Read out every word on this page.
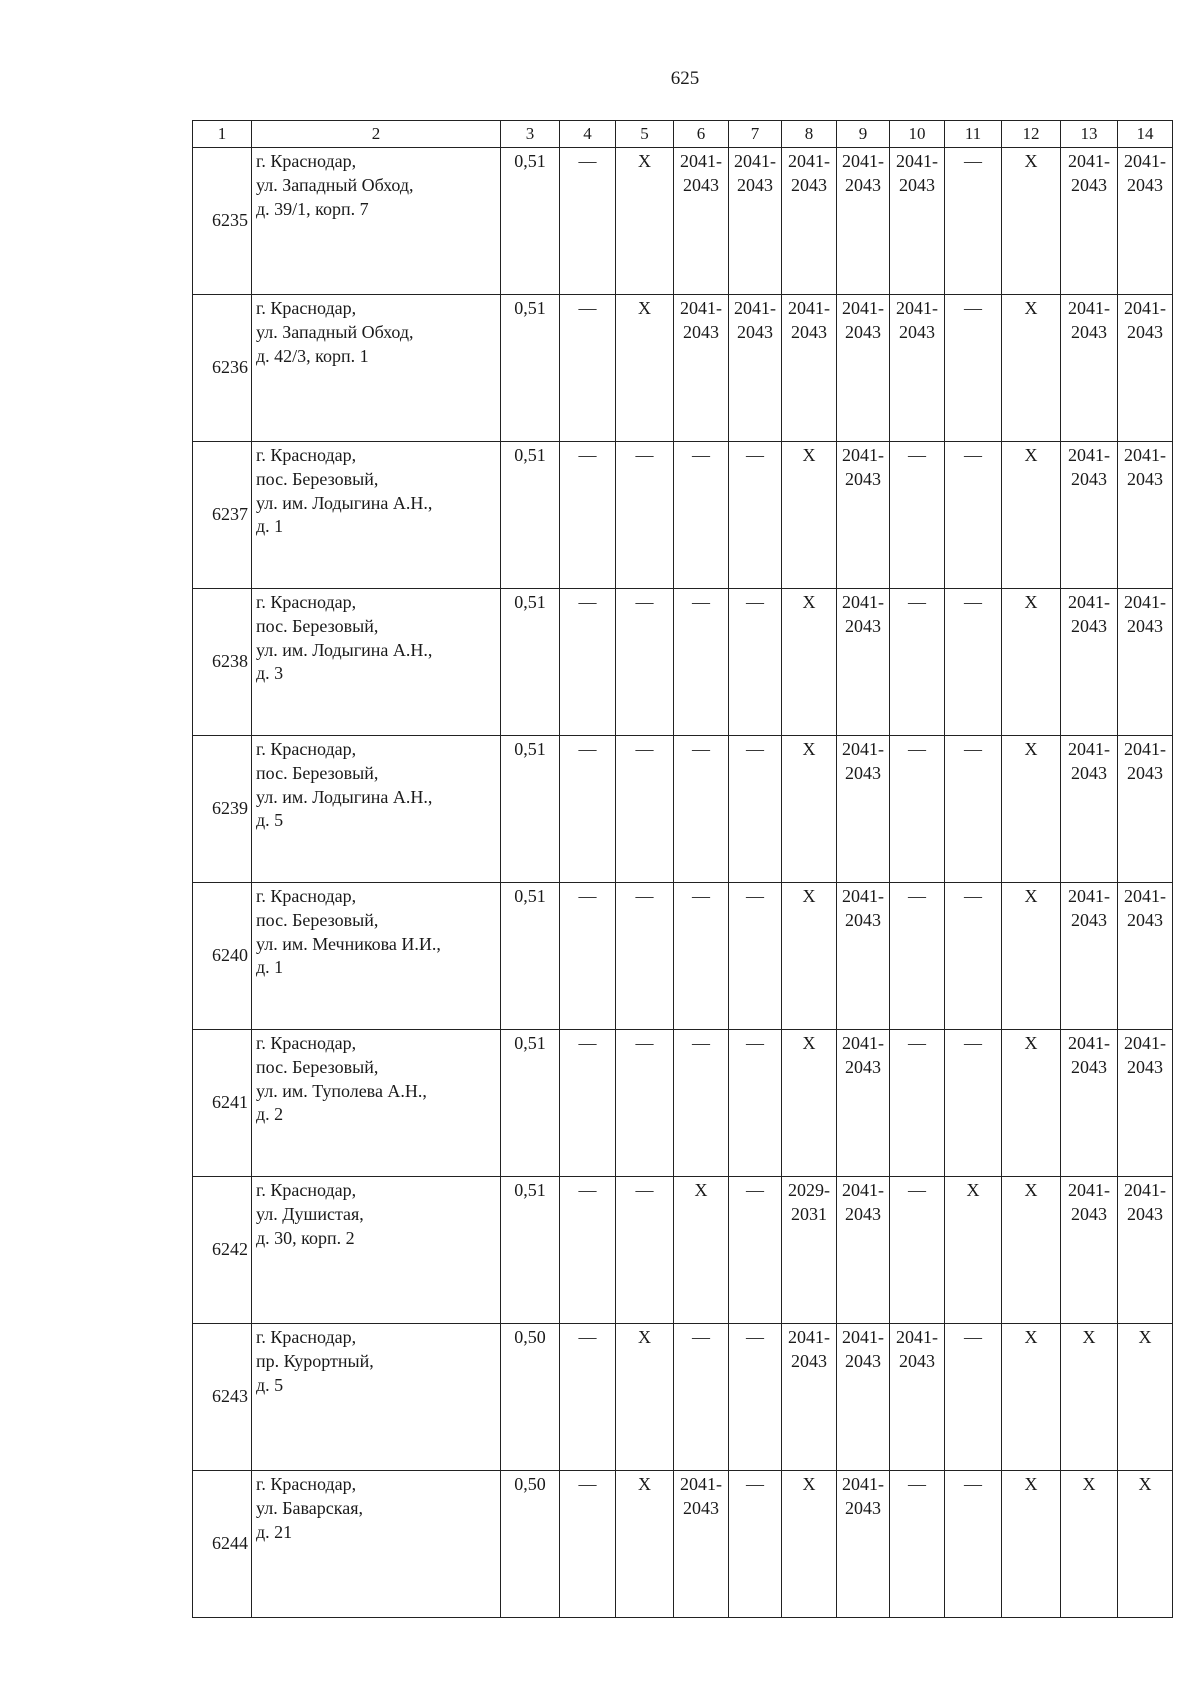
625
1	2	3	4	5	6	7	8	9	10	11	12	13	14
6235	г. Краснодар,
ул. Западный Обход,
д. 39/1, корп. 7	0,51	—	X	2041-
2043	2041-
2043	2041-
2043	2041-
2043	2041-
2043	—	X	2041-
2043	2041-
2043

6236	г. Краснодар,
ул. Западный Обход,
д. 42/3, корп. 1	0,51	—	X	2041-
2043	2041-
2043	2041-
2043	2041-
2043	2041-
2043	—	X	2041-
2043	2041-
2043

6237	г. Краснодар,
пос. Березовый,
ул. им. Лодыгина А.Н.,
д. 1	0,51	—	—	—	—	X	2041-
2043	—	—	X	2041-
2043	2041-
2043

6238	г. Краснодар,
пос. Березовый,
ул. им. Лодыгина А.Н.,
д. 3	0,51	—	—	—	—	X	2041-
2043	—	—	X	2041-
2043	2041-
2043

6239	г. Краснодар,
пос. Березовый,
ул. им. Лодыгина А.Н.,
д. 5	0,51	—	—	—	—	X	2041-
2043	—	—	X	2041-
2043	2041-
2043

6240	г. Краснодар,
пос. Березовый,
ул. им. Мечникова И.И.,
д. 1	0,51	—	—	—	—	X	2041-
2043	—	—	X	2041-
2043	2041-
2043

6241	г. Краснодар,
пос. Березовый,
ул. им. Туполева А.Н.,
д. 2	0,51	—	—	—	—	X	2041-
2043	—	—	X	2041-
2043	2041-
2043

6242	г. Краснодар,
ул. Душистая,
д. 30, корп. 2	0,51	—	—	X	—	2029-
2031	2041-
2043	—	X	X	2041-
2043	2041-
2043

6243	г. Краснодар,
пр. Курортный,
д. 5	0,50	—	X	—	—	2041-
2043	2041-
2043	2041-
2043	—	X	X	X

6244	г. Краснодар,
ул. Баварская,
д. 21	0,50	—	X	2041-
2043	—	X	2041-
2043	—	—	X	X	X
